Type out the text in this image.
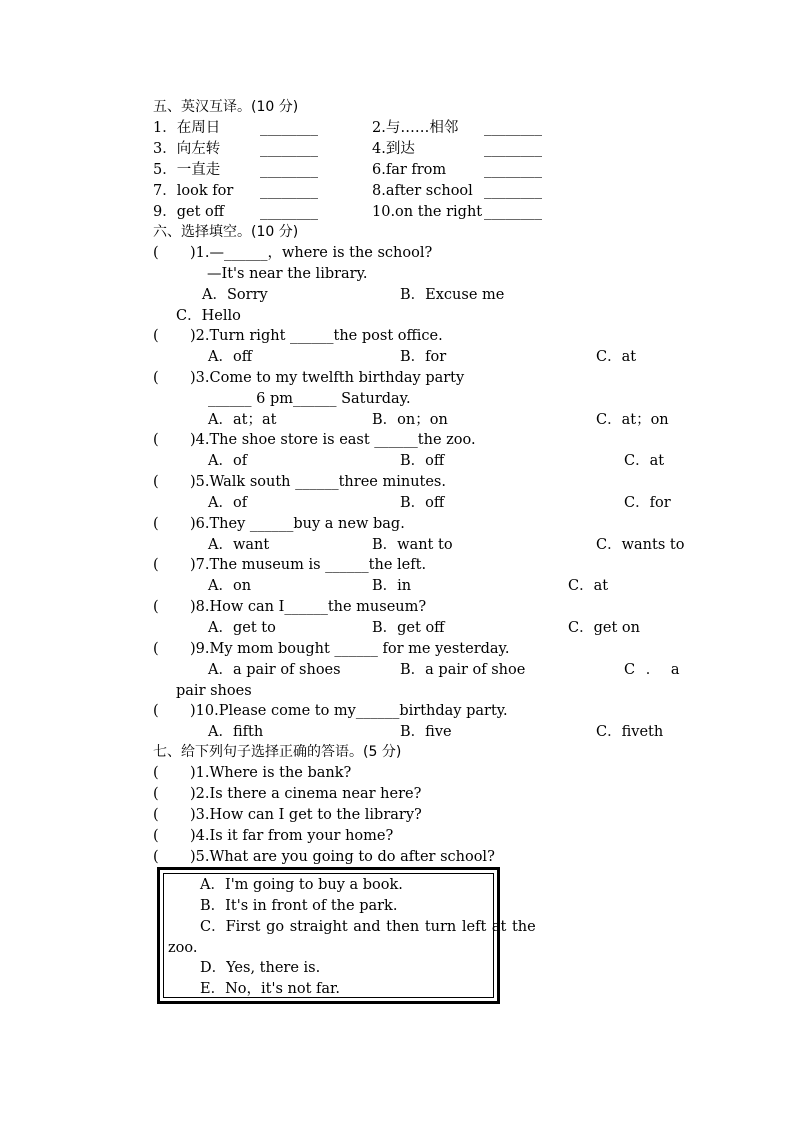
五、英汉互译。(10 分)
1．在周日	________	2.与……相邻 ________
3．向左转	________	4.到达	________
5．一直走	________	6.far from	________
7．look for ________	8.after school ________
9．get off ________	10.on the right ________
六、选择填空。(10 分)
( )1.—______，where is the school?
—It's near the library.
A．Sorry	B．Excuse me
C．Hello
( )2.Turn right ______the post office.
A．off	B．for	C．at
( )3.Come to my twelfth birthday party
______ 6 pm______ Saturday.
A．at；at	B．on；on	C．at；on
( )4.The shoe store is east ______the zoo.
A．of	B．off	C．at
( )5.Walk south ______three minutes.
A．of	B．off	C．for
( )6.They ______buy a new bag.
A．want	B．want to	C．wants to
( )7.The museum is ______the left.
A．on	B．in	C．at
( )8.How can I______the museum?
A．get to	B．get off	C．get on
( )9.My mom bought ______ for me yesterday.
A．a pair of shoes	B．a pair of shoe	C ． a
pair shoes
( )10.Please come to my______birthday party.
A．fifth	B．five	C．fiveth
七、给下列句子选择正确的答语。(5 分)
( )1.Where is the bank?
( )2.Is there a cinema near here?
( )3.How can I get to the library?
( )4.Is it far from your home?
( )5.What are you going to do after school?
A．I'm going to buy a book.
B．It's in front of the park.
C．First go straight and then turn left at the
zoo.
D．Yes, there is.
E．No，it's not far.
